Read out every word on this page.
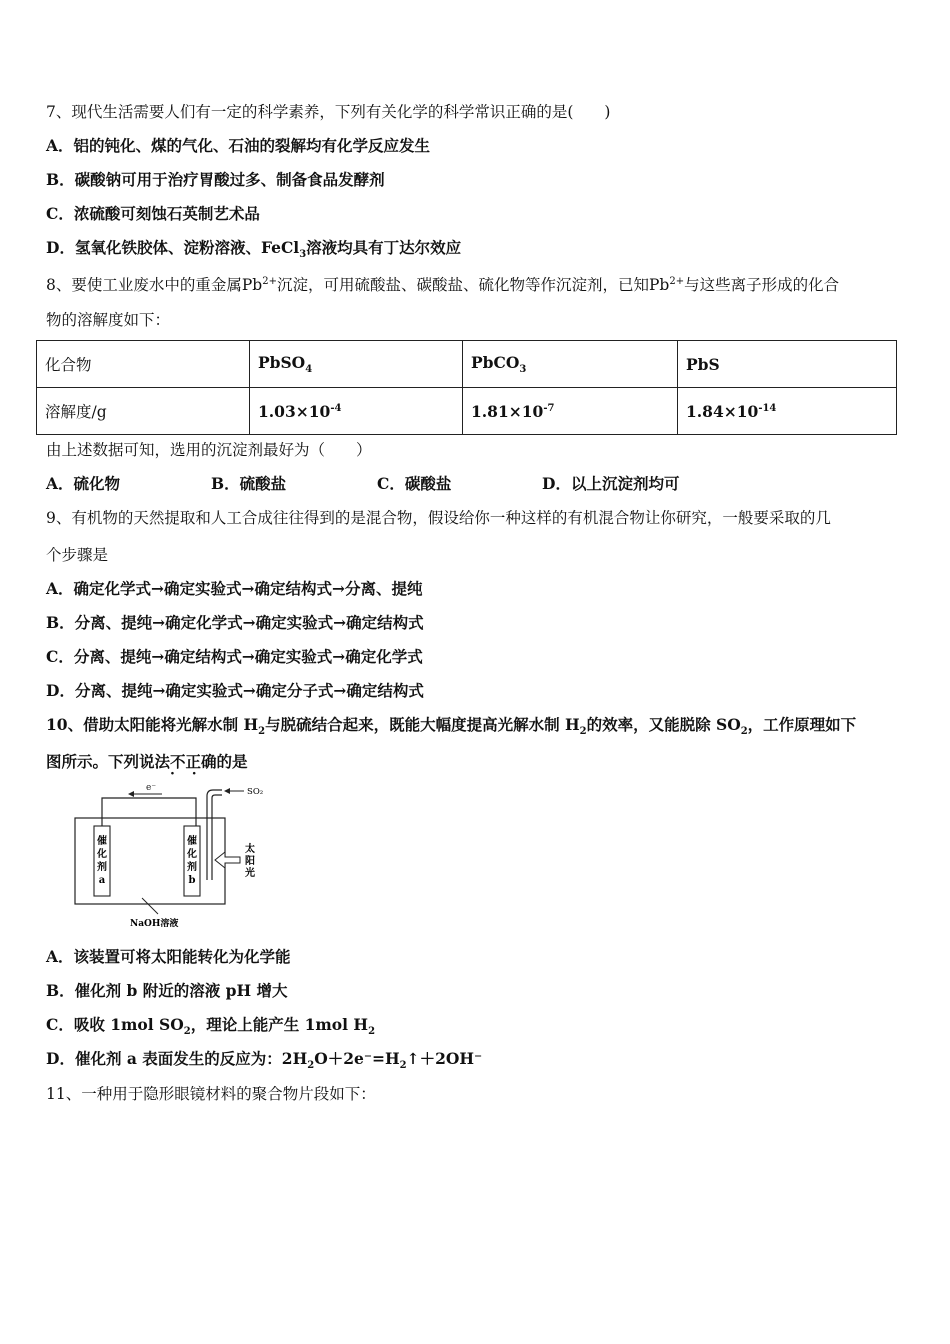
7、现代生活需要人们有一定的科学素养，下列有关化学的科学常识正确的是(　　)
A．铝的钝化、煤的气化、石油的裂解均有化学反应发生
B．碳酸钠可用于治疗胃酸过多、制备食品发酵剂
C．浓硫酸可刻蚀石英制艺术品
D．氢氧化铁胶体、淀粉溶液、FeCl$_3$溶液均具有丁达尔效应
8、要使工业废水中的重金属$Pb^{2+}$沉淀，可用硫酸盐、碳酸盐、硫化物等作沉淀剂，已知$Pb^{2+}$与这些离子形成的化合
物的溶解度如下：
化合物	PbSO$_4$	PbCO$_3$	PbS
溶解度/g	$1.03\times 10^{-4}$	$1.81\times 10^{-7}$	$1.84\times 10^{-14}$
由上述数据可知，选用的沉淀剂最好为（　　）
A．硫化物	B．硫酸盐	C．碳酸盐	D．以上沉淀剂均可
9、有机物的天然提取和人工合成往往得到的是混合物，假设给你一种这样的有机混合物让你研究，一般要采取的几
个步骤是
A．确定化学式→确定实验式→确定结构式→分离、提纯
B．分离、提纯→确定化学式→确定实验式→确定结构式
C．分离、提纯→确定结构式→确定实验式→确定化学式
D．分离、提纯→确定实验式→确定分子式→确定结构式
10、借助太阳能将光解水制 $H_2$与脱硫结合起来，既能大幅度提高光解水制 $H_2$的效率，又能脱除 $SO_2$，工作原理如下
图所示。下列说法不正确 · ·的是
e⁻
催
化
剂
a
催
化
剂
b
SO₂
太
阳
光
NaOH溶液
A．该装置可将太阳能转化为化学能
B．催化剂 b 附近的溶液 pH 增大
C．吸收 1mol $SO_2$，理论上能产生 1mol $H_2$
D．催化剂 a 表面发生的反应为：$2H_2O+2e^-=H_2↑+2OH^-$
11、一种用于隐形眼镜材料的聚合物片段如下：
